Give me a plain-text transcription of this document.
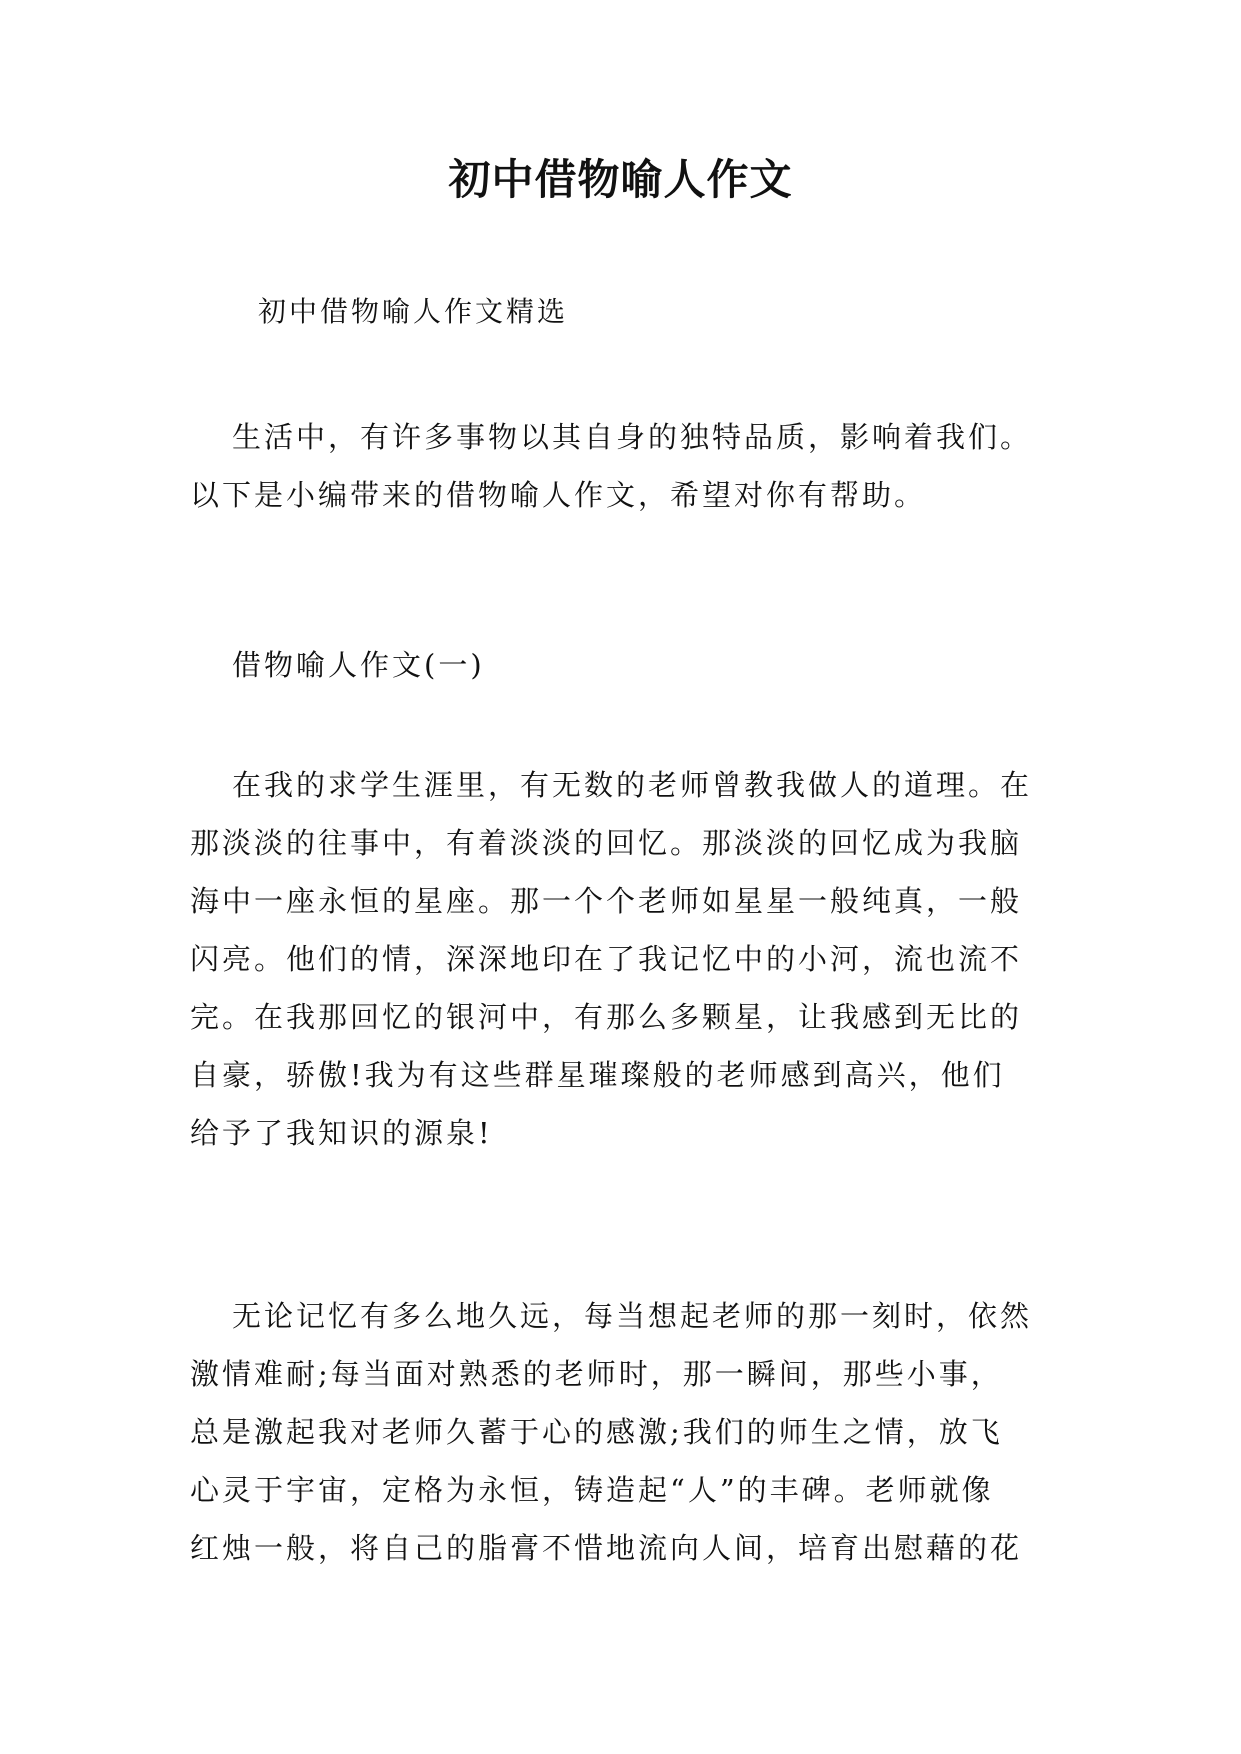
初中借物喻人作文
初中借物喻人作文精选
生活中，有许多事物以其自身的独特品质，影响着我们。
以下是小编带来的借物喻人作文，希望对你有帮助。
借物喻人作文(一)
在我的求学生涯里，有无数的老师曾教我做人的道理。在
那淡淡的往事中，有着淡淡的回忆。那淡淡的回忆成为我脑
海中一座永恒的星座。那一个个老师如星星一般纯真，一般
闪亮。他们的情，深深地印在了我记忆中的小河，流也流不
完。在我那回忆的银河中，有那么多颗星，让我感到无比的
自豪，骄傲!我为有这些群星璀璨般的老师感到高兴，他们
给予了我知识的源泉!
无论记忆有多么地久远，每当想起老师的那一刻时，依然
激情难耐;每当面对熟悉的老师时，那一瞬间，那些小事，
总是激起我对老师久蓄于心的感激;我们的师生之情，放飞
心灵于宇宙，定格为永恒，铸造起“人”的丰碑。老师就像
红烛一般，将自己的脂膏不惜地流向人间，培育出慰藉的花
